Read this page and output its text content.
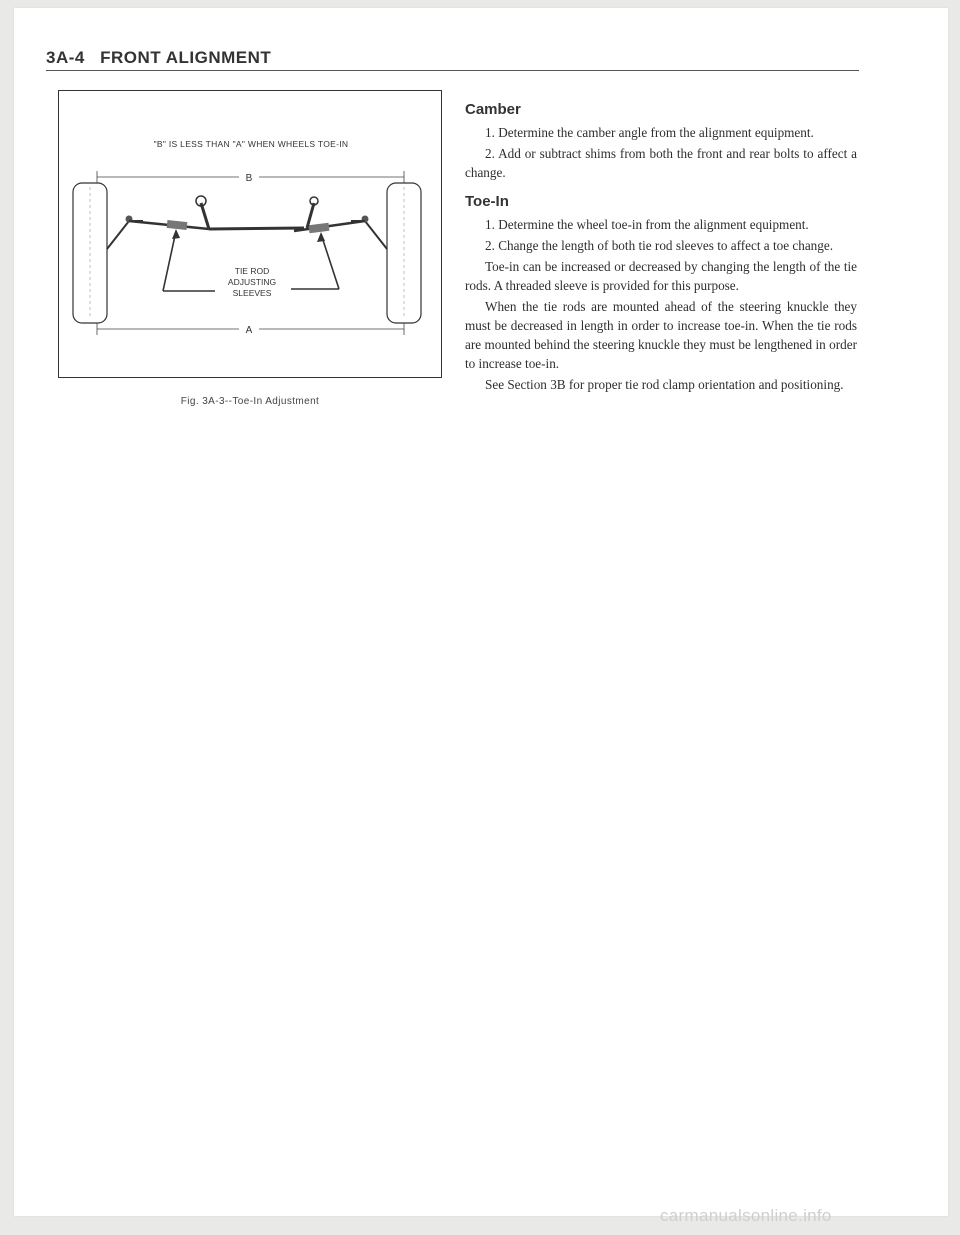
3A-4 FRONT ALIGNMENT
"B" IS LESS THAN "A" WHEN WHEELS TOE-IN
B
TIE ROD
ADJUSTING
SLEEVES
A
Fig. 3A-3--Toe-In Adjustment
Camber

1. Determine the camber angle from the alignment equipment.

2. Add or subtract shims from both the front and rear bolts to affect a change.

Toe-In

1. Determine the wheel toe-in from the alignment equipment.

2. Change the length of both tie rod sleeves to affect a toe change.

Toe-in can be increased or decreased by changing the length of the tie rods. A threaded sleeve is provided for this purpose.

When the tie rods are mounted ahead of the steering knuckle they must be decreased in length in order to increase toe-in. When the tie rods are mounted behind the steering knuckle they must be lengthened in order to increase toe-in.

See Section 3B for proper tie rod clamp orientation and positioning.

carmanualsonline.info
